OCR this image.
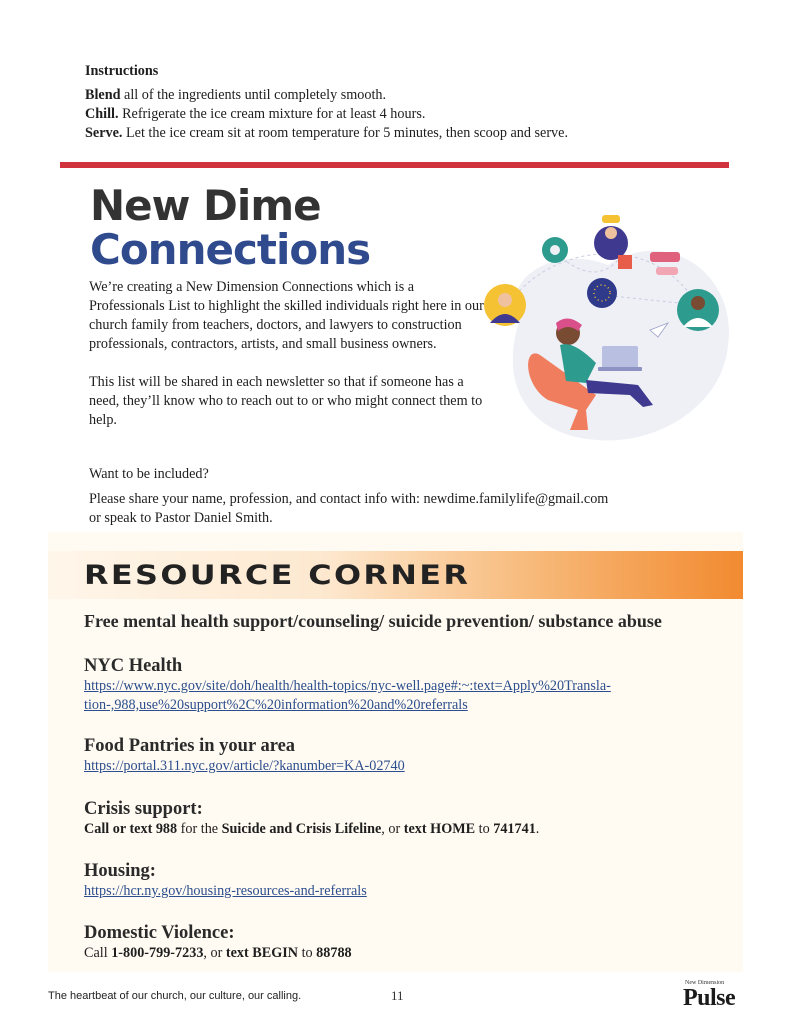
Instructions
Blend all of the ingredients until completely smooth.
Chill. Refrigerate the ice cream mixture for at least 4 hours.
Serve. Let the ice cream sit at room temperature for 5 minutes, then scoop and serve.
New Dime
Connections

We’re creating a New Dimension Connections which is a Professionals List to highlight the skilled individuals right here in our church family from teachers, doctors, and lawyers to construction professionals, contractors, artists, and small business owners.

This list will be shared in each newsletter so that if someone has a need, they’ll know who to reach out to or who might connect them to help.

Want to be included?
Please share your name, profession, and contact info with: newdime.familylife@gmail.com
or speak to Pastor Daniel Smith.
RESOURCE CORNER
Free mental health support/counseling/ suicide prevention/ substance abuse
NYC Health
https://www.nyc.gov/site/doh/health/health-topics/nyc-well.page#:~:text=Apply%20Transla-
tion-,988,use%20support%2C%20information%20and%20referrals
Food Pantries in your area
https://portal.311.nyc.gov/article/?kanumber=KA-02740
Crisis support:
Call or text 988 for the Suicide and Crisis Lifeline, or text HOME to 741741.
Housing:
https://hcr.ny.gov/housing-resources-and-referrals
Domestic Violence:
Call 1-800-799-7233, or text BEGIN to 88788
The heartbeat of our church, our culture, our calling.	11
New Dimension
Pulse
